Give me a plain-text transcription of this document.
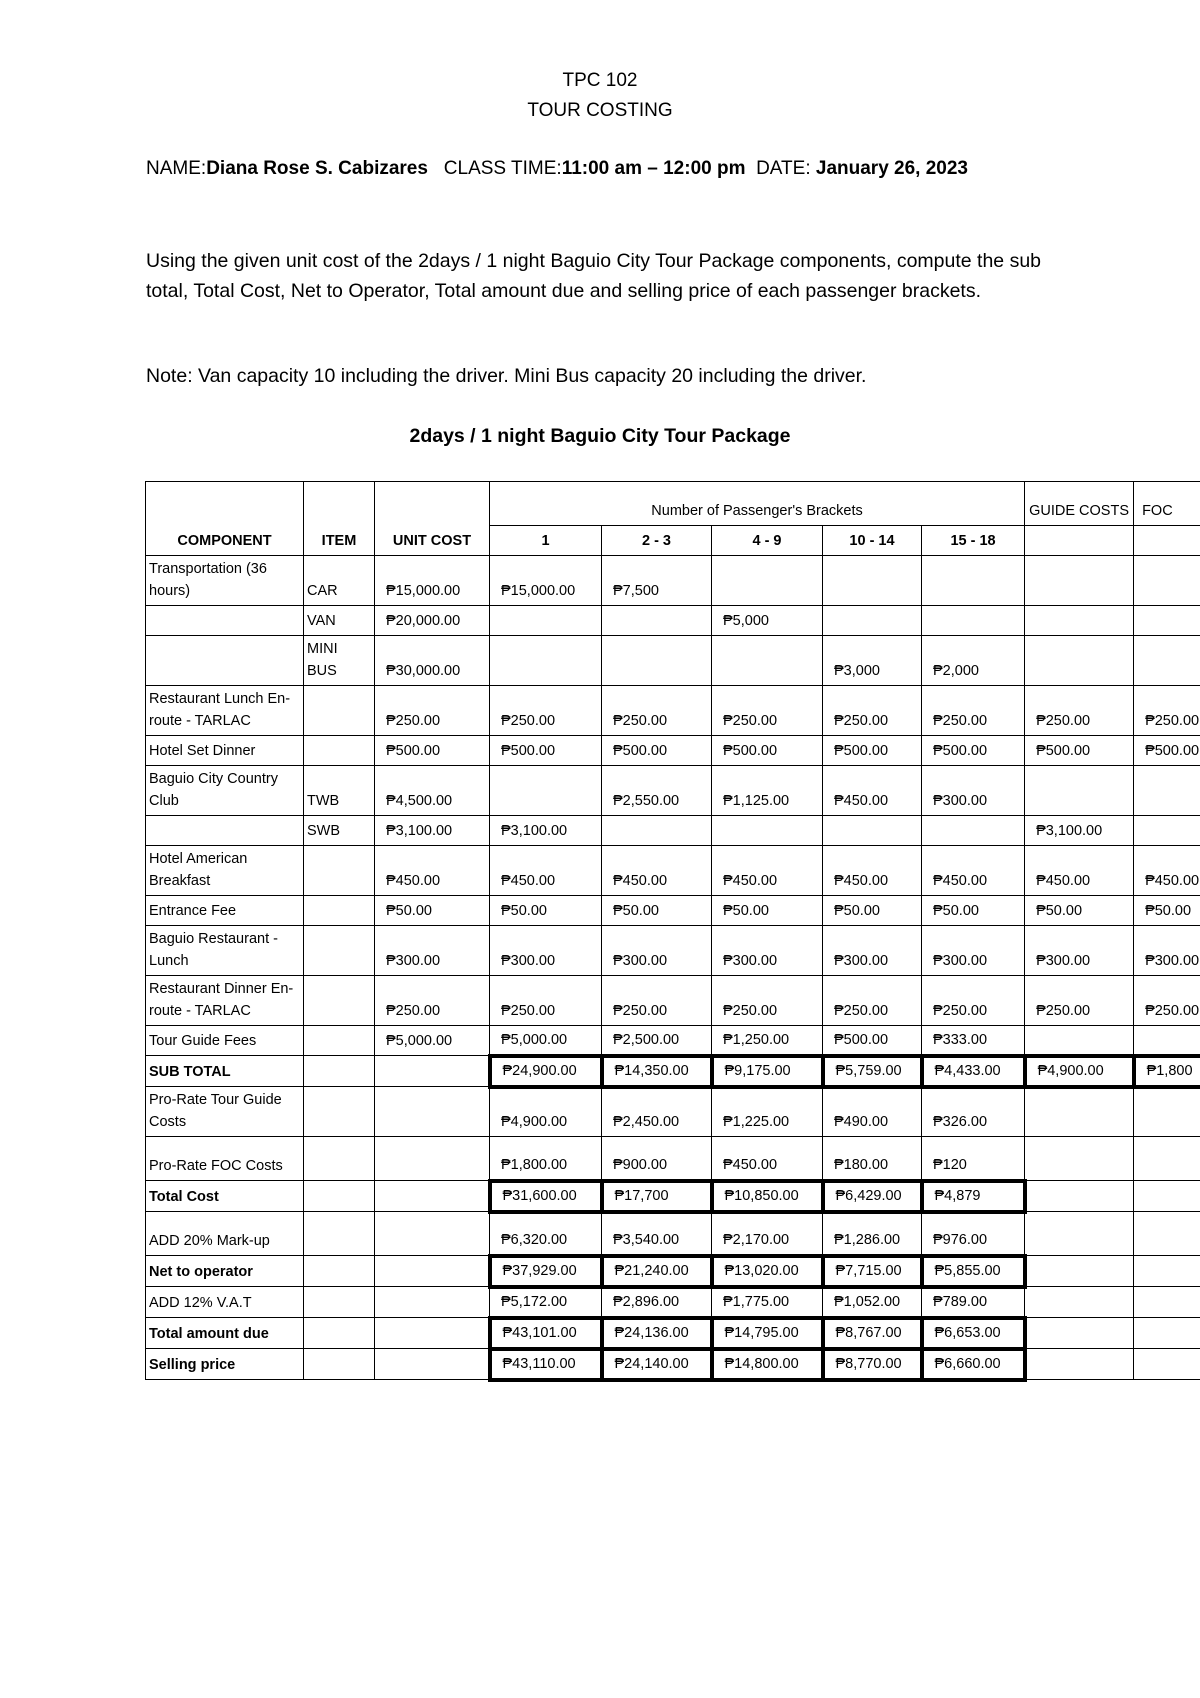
TPC 102
TOUR COSTING
NAME:Diana Rose S. Cabizares CLASS TIME:11:00 am – 12:00 pm DATE: January 26, 2023
Using the given unit cost of the 2days / 1 night Baguio City Tour Package components, compute the sub total, Total Cost, Net to Operator, Total amount due and selling price of each passenger brackets.
Note: Van capacity 10 including the driver. Mini Bus capacity 20 including the driver.
2days / 1 night Baguio City Tour Package
COMPONENT	ITEM	UNIT COST	Number of Passenger's Brackets					GUIDE COSTS	FOC
			1	2 - 3	4 - 9	10 - 14	15 - 18		
Transportation (36 hours)	CAR	₱15,000.00	₱15,000.00	₱7,500					
	VAN	₱20,000.00			₱5,000				
	MINI BUS	₱30,000.00				₱3,000	₱2,000		
Restaurant Lunch En-route - TARLAC		₱250.00	₱250.00	₱250.00	₱250.00	₱250.00	₱250.00	₱250.00	₱250.00
Hotel Set Dinner		₱500.00	₱500.00	₱500.00	₱500.00	₱500.00	₱500.00	₱500.00	₱500.00
Baguio City Country Club	TWB	₱4,500.00		₱2,550.00	₱1,125.00	₱450.00	₱300.00		
	SWB	₱3,100.00	₱3,100.00					₱3,100.00	
Hotel American Breakfast		₱450.00	₱450.00	₱450.00	₱450.00	₱450.00	₱450.00	₱450.00	₱450.00
Entrance Fee		₱50.00	₱50.00	₱50.00	₱50.00	₱50.00	₱50.00	₱50.00	₱50.00
Baguio Restaurant - Lunch		₱300.00	₱300.00	₱300.00	₱300.00	₱300.00	₱300.00	₱300.00	₱300.00
Restaurant Dinner En-route - TARLAC		₱250.00	₱250.00	₱250.00	₱250.00	₱250.00	₱250.00	₱250.00	₱250.00
Tour Guide Fees		₱5,000.00	₱5,000.00	₱2,500.00	₱1,250.00	₱500.00	₱333.00		
SUB TOTAL			₱24,900.00	₱14,350.00	₱9,175.00	₱5,759.00	₱4,433.00	₱4,900.00	₱1,800
Pro-Rate Tour Guide Costs			₱4,900.00	₱2,450.00	₱1,225.00	₱490.00	₱326.00		
Pro-Rate FOC Costs			₱1,800.00	₱900.00	₱450.00	₱180.00	₱120		
Total Cost			₱31,600.00	₱17,700	₱10,850.00	₱6,429.00	₱4,879		
ADD 20% Mark-up			₱6,320.00	₱3,540.00	₱2,170.00	₱1,286.00	₱976.00		
Net to operator			₱37,929.00	₱21,240.00	₱13,020.00	₱7,715.00	₱5,855.00		
ADD 12% V.A.T			₱5,172.00	₱2,896.00	₱1,775.00	₱1,052.00	₱789.00		
Total amount due			₱43,101.00	₱24,136.00	₱14,795.00	₱8,767.00	₱6,653.00		
Selling price			₱43,110.00	₱24,140.00	₱14,800.00	₱8,770.00	₱6,660.00		
